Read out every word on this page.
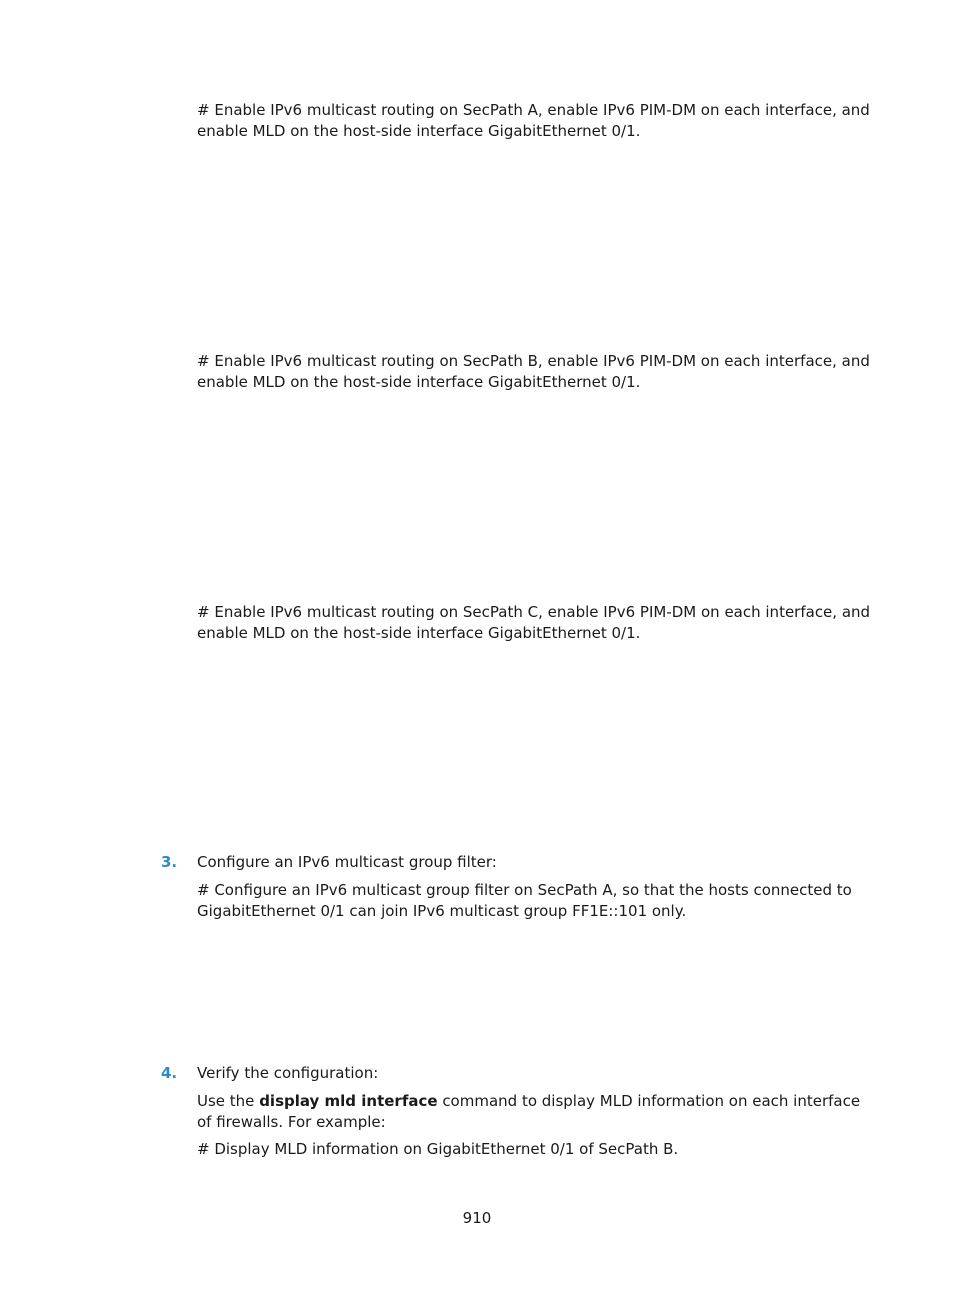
# Enable IPv6 multicast routing on SecPath A, enable IPv6 PIM-DM on each interface, and enable MLD on the host-side interface GigabitEthernet 0/1.

# Enable IPv6 multicast routing on SecPath B, enable IPv6 PIM-DM on each interface, and enable MLD on the host-side interface GigabitEthernet 0/1.

# Enable IPv6 multicast routing on SecPath C, enable IPv6 PIM-DM on each interface, and enable MLD on the host-side interface GigabitEthernet 0/1.

3. Configure an IPv6 multicast group filter:

# Configure an IPv6 multicast group filter on SecPath A, so that the hosts connected to GigabitEthernet 0/1 can join IPv6 multicast group FF1E::101 only.

4. Verify the configuration:

Use the display mld interface command to display MLD information on each interface of firewalls. For example:

# Display MLD information on GigabitEthernet 0/1 of SecPath B.

910
